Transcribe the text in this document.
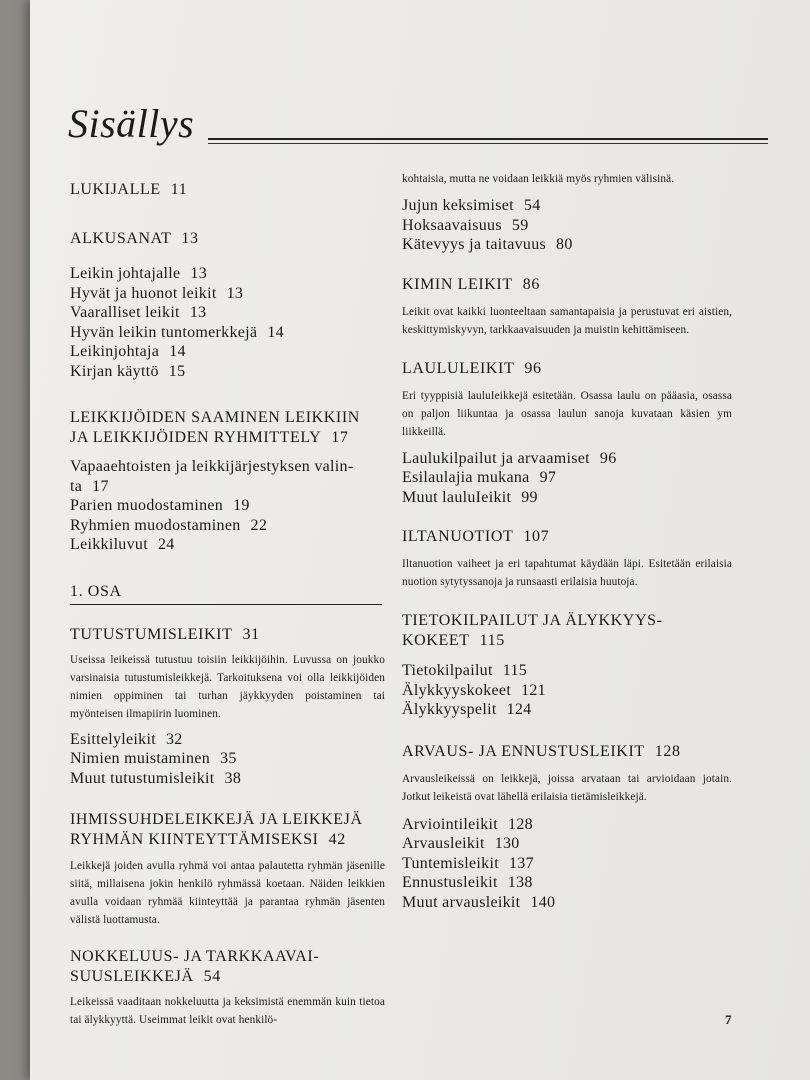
Sisällys
LUKIJALLE 11
ALKUSANAT 13
Leikin johtajalle 13
Hyvät ja huonot leikit 13
Vaaralliset leikit 13
Hyvän leikin tuntomerkkejä 14
Leikinjohtaja 14
Kirjan käyttö 15
LEIKKIJÖIDEN SAAMINEN LEIKKIIN
JA LEIKKIJÖIDEN RYHMITTELY 17
Vapaaehtoisten ja leikkijärjestyksen valin-
ta 17
Parien muodostaminen 19
Ryhmien muodostaminen 22
Leikkiluvut 24
1. OSA
TUTUSTUMISLEIKIT 31
Useissa leikeissä tutustuu toisiin leikkijöihin. Luvussa on joukko varsinaisia tutustumisleikkejä. Tarkoituksena voi olla leikkijöiden nimien oppiminen tai turhan jäykkyyden poistaminen tai myönteisen ilmapiirin luominen.
Esittelyleikit 32
Nimien muistaminen 35
Muut tutustumisleikit 38
IHMISSUHDELEIKKEJÄ JA LEIKKEJÄ
RYHMÄN KIINTEYTTÄMISEKSI 42
Leikkejä joiden avulla ryhmä voi antaa palautetta ryhmän jäsenille siitä, millaisena jokin henkilö ryhmässä koetaan. Näiden leikkien avulla voidaan ryhmää kiinteyttää ja parantaa ryhmän jäsenten välistä luottamusta.
NOKKELUUS- JA TARKKAAVAI-
SUUSLEIKKEJÄ 54
Leikeissä vaaditaan nokkeluutta ja keksimistä enemmän kuin tietoa tai älykkyyttä. Useimmat leikit ovat henkilö-
kohtaisia, mutta ne voidaan leikkiä myös ryhmien välisinä.
Jujun keksimiset 54
Hoksaavaisuus 59
Kätevyys ja taitavuus 80
KIMIN LEIKIT 86
Leikit ovat kaikki luonteeltaan samantapaisia ja perustuvat eri aistien, keskittymiskyvyn, tarkkaavaisuuden ja muistin kehittämiseen.
LAULULEIKIT 96
Eri tyyppisiä lauluIeikkejä esitetään. Osassa laulu on pääasia, osassa on paljon liikuntaa ja osassa laulun sanoja kuvataan käsien ym liikkeillä.
Laulukilpailut ja arvaamiset 96
Esilaulajia mukana 97
Muut lauluIeikit 99
ILTANUOTIOT 107
Iltanuotion vaiheet ja eri tapahtumat käydään läpi. Esitetään erilaisia nuotion sytytyssanoja ja runsaasti erilaisia huutoja.
TIETOKILPAILUT JA ÄLYKKYYS-
KOKEET 115
Tietokilpailut 115
Älykkyyskokeet 121
Älykkyyspelit 124
ARVAUS- JA ENNUSTUSLEIKIT 128
Arvausleikeissä on leikkejä, joissa arvataan tai arvioidaan jotain. Jotkut leikeistä ovat lähellä erilaisia tietämisleikkejä.
Arviointileikit 128
Arvausleikit 130
Tuntemisleikit 137
Ennustusleikit 138
Muut arvausleikit 140
7
